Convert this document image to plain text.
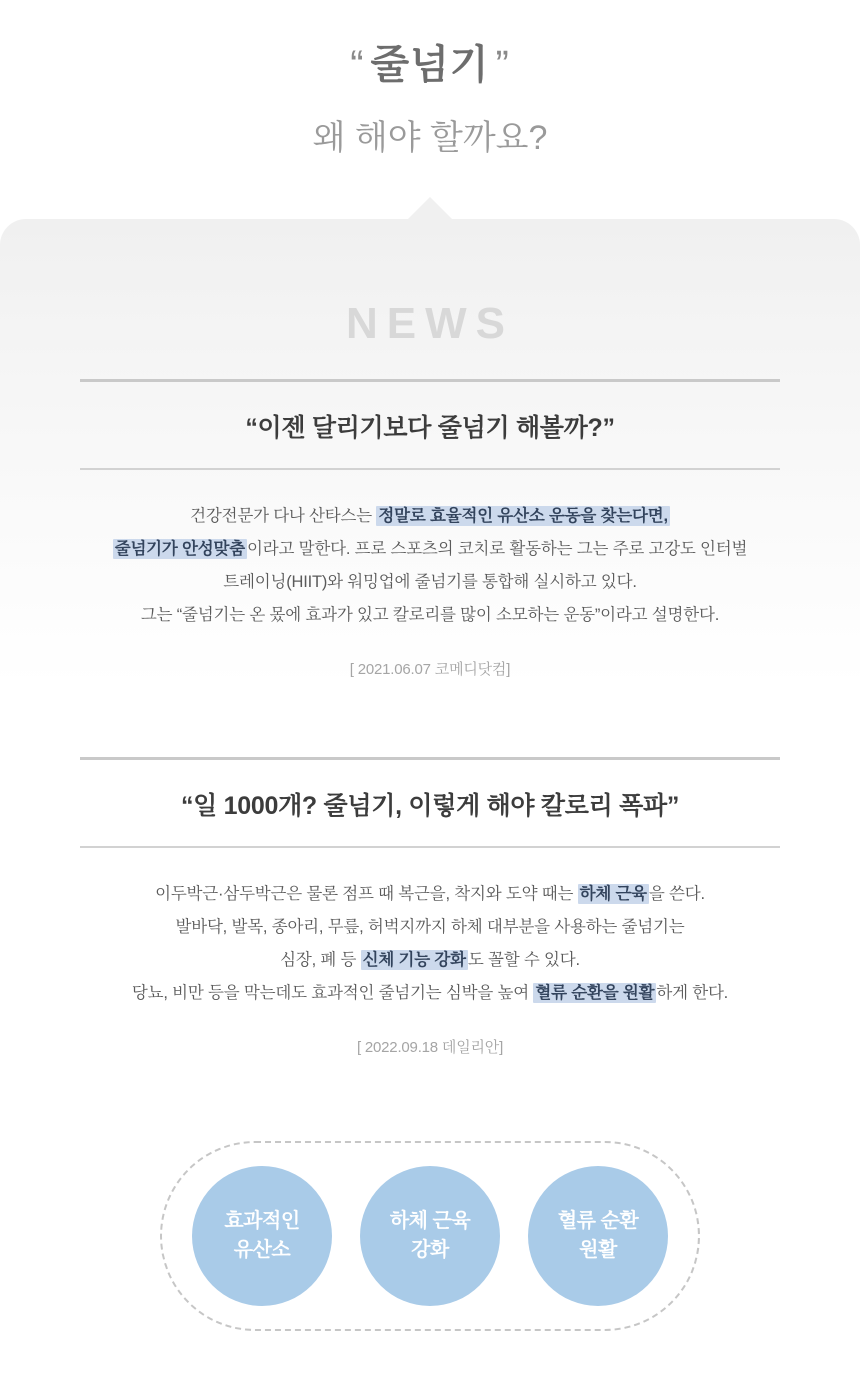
“ 줄넘기 ”
왜 해야 할까요?
NEWS
“이젠 달리기보다 줄넘기 해볼까?”
건강전문가 다나 산타스는 정말로 효율적인 유산소 운동을 찾는다면,
줄넘기가 안성맞춤 이라고 말한다. 프로 스포츠의 코치로 활동하는 그는 주로 고강도 인터벌
트레이닝(HIIT)와 워밍업에 줄넘기를 통합해 실시하고 있다.
그는 “줄넘기는 온 몼에 효과가 있고 칼로리를 많이 소모하는 운동”이라고 설명한다.
[ 2021.06.07 코메디닷컴]
“일 1000개? 줄넘기, 이렇게 해야 칼로리 폭파”
이두박근·삼두박근은 물론 점프 때 복근을, 착지와 도약 때는 하체 근육 을 쓴다.
발바닥, 발목, 종아리, 무릎, 허벅지까지 하체 대부분을 사용하는 줄넘기는
심장, 폐 등 신체 기능 강화 도 꼴할 수 있다.
당뇨, 비만 등을 막는데도 효과적인 줄넘기는 심박을 높여 혈류 순환을 원활 하게 한다.
[ 2022.09.18 데일리안]
효과적인
유산소
하체 근육
강화
혈류 순환
원활
